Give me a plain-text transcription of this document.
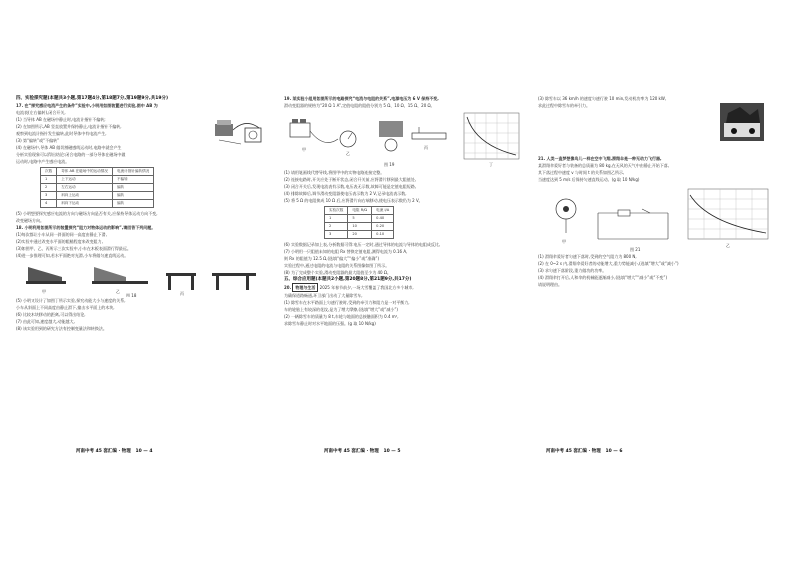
四、实验探究题(本题共3小题,第17题4分,第18题7分,第19题9分,共19分)
17. 在“探究感应电流产生的条件”实验中,小明用如图装置进行实验,图中 AB 为
电流表(左右偏转),闭合开关,
(1) 当导体 AB 在磁场中静止时,电流计指针不偏转;
(2) 在如图所示,AB 竖直放置并保持静止,电流计指针不偏转,
观察到电流计指针发生偏转,此时导体中有电流产生,
(3) 第“偏转”或“不偏转”
(4) 在磁场中,导体 AB 做切割磁感线运动时,电路中就会产生
分析实验现象可以得出结论:闭合电路的一部分导体在磁场中做
运动时,电路中产生感应电流。
次数	导体 AB 在磁场中的运动情况	电流计指针偏转情况
1	上下运动	不偏转
2	左右运动	偏转
3	斜向上运动	偏转
4	斜向下运动	偏转
(5) 小明想要探究感应电流的方向与磁场方向是否有关,应保持导体运动方向不变,
改变磁场方向。
18. 小明利用如图所示的装置探究“阻力对物体运动的影响”,请回答下列问题。
(1)每次都让小车从同一斜面的同一高度由静止下滑,
(2)实验中通过改变水平面的粗糙程度来改变阻力,
(3)如图甲、乙、丙所示三次实验中,小车在木板表面滑行得最远。
(4)进一步推理可知,若水平面绝对光滑,小车将做匀速直线运动。
甲	乙	丙
图 18
(5) 小明又设计了如图丁所示实验,探究动能大小与速度的关系,
小车从斜面上不同高度由静止滑下,撞击水平面上的木块,
(6) 比较木块移动的距离,可以得出结论,
(7) 由此可知,速度越大,动能越大,
(8) 该实验用到的研究方法有控制变量法和转换法。
河南中考 45 套汇编 · 物理 10 — 4
19. 某实验小组用如图所示的电路探究“电流与电阻的关系”,电源电压为 6 V 保持不变,
滑动变阻器的规格为“20 Ω 1 A”,定值电阻的阻值分别为 5 Ω、10 Ω、15 Ω、20 Ω。
甲
乙
丙
丁
图 19
(1) 请用笔画线代替导线,将图甲中的实物电路连接完整。
(2) 连接电路时,开关应处于断开状态,闭合开关前,应将滑片移到最大阻值处,
(3) 闭合开关后,发现电流表有示数,电压表无示数,故障可能是定值电阻短路,
(4) 排除故障后,调节滑动变阻器使电压表示数为 2 V,记录电流表示数,
(5) 将 5 Ω 的电阻换成 10 Ω 后,应将滑片向右端移动,使电压表示数仍为 2 V。
实验次数	电阻 R/Ω	电流 I/A
1	5	0.40
2	10	0.20
3	20	0.10
(6) 实验数据记录如上表,分析数据可得:电压一定时,通过导体的电流与导体的电阻成反比,
(7) 小明用一只阻值未知的电阻 Rx 替换定值电阻,测得电流为 0.16 A,
则 Rx 的阻值为 12.5 Ω,(选填“偏大”“偏小”或“准确”)
实验过程中,通过电阻的电流与电阻的关系图像如图丁所示。
(8) 为了完成整个实验,滑动变阻器的最大阻值至少为 40 Ω。
五、综合应用题(本题共2小题,第20题8分,第21题9分,共17分)
20. 物理与生活 2025 年春节前夕,一场大雪覆盖了我国北方多个城市,
为确保道路畅通,环卫部门出动了大量除雪车,
(1) 除雪车在水平路面上匀速行驶时,受到的牵引力和阻力是一对平衡力,
车的轮胎上有较深的花纹,是为了增大摩擦,(选填“增大”或“减小”)
(2) 一辆除雪车的质量为 8 t,车轮与地面的总接触面积为 0.4 m²,
求除雪车静止时对水平地面的压强。(g 取 10 N/kg)
河南中考 45 套汇编 · 物理 10 — 5
(3) 除雪车以 36 km/h 的速度匀速行驶 10 min,发动机功率为 120 kW,
求此过程中除雪车的牵引力。
21. 人类一直梦想像鸟儿一样在空中飞翔,滑翔伞是一种无动力飞行器,
某滑翔伞爱好者与装备的总质量为 80 kg,在无风的天气中由静止开始下落,
其下落过程中速度 v 与时间 t 的关系如图乙所示,
当速度达到 5 m/s 后保持匀速直线运动。(g 取 10 N/kg)
甲
乙
图 21
(1) 滑翔伞爱好者匀速下落时,受到的空气阻力为 800 N,
(2) 在 0~2 s 内,滑翔伞爱好者的动能增大,重力势能减小,(选填“增大”或“减小”)
(3) 求匀速下落阶段,重力做功的功率。
(4) 滑翔伞打开后,人和伞的机械能逐渐减小,(选填“增大”“减小”或“不变”)
请说明理由。
河南中考 45 套汇编 · 物理 10 — 6
